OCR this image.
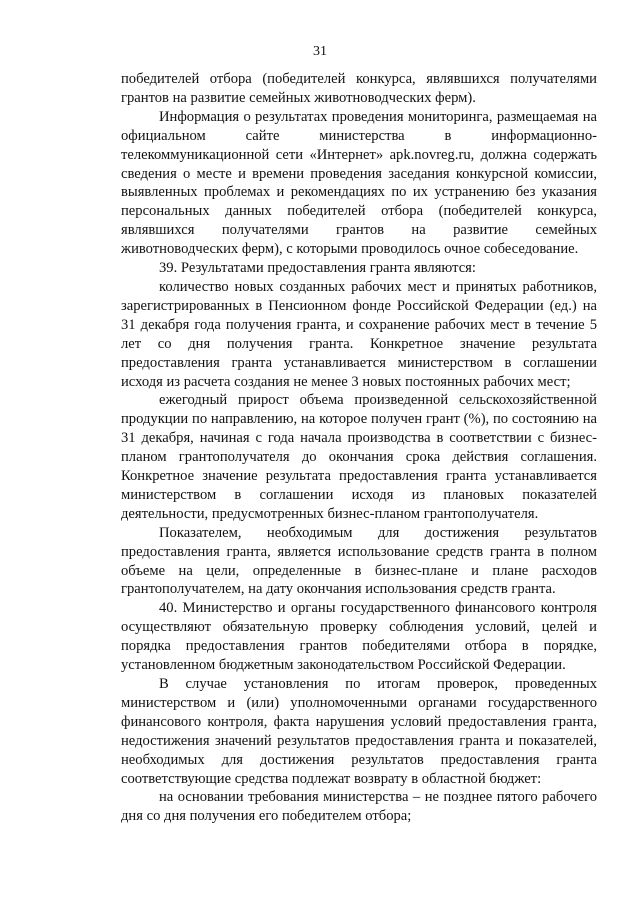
31

победителей отбора (победителей конкурса, являвшихся получателями грантов на развитие семейных животноводческих ферм).

Информация о результатах проведения мониторинга, размещаемая на официальном сайте министерства в информационно-телекоммуникационной сети «Интернет» apk.novreg.ru, должна содержать сведения о месте и времени проведения заседания конкурсной комиссии, выявленных проблемах и рекомендациях по их устранению без указания персональных данных победителей отбора (победителей конкурса, являвшихся получателями грантов на развитие семейных животноводческих ферм), с которыми проводилось очное собеседование.

39. Результатами предоставления гранта являются:

количество новых созданных рабочих мест и принятых работников, зарегистрированных в Пенсионном фонде Российской Федерации (ед.) на 31 декабря года получения гранта, и сохранение рабочих мест в течение 5 лет со дня получения гранта. Конкретное значение результата предоставления гранта устанавливается министерством в соглашении исходя из расчета создания не менее 3 новых постоянных рабочих мест;

ежегодный прирост объема произведенной сельскохозяйственной продукции по направлению, на которое получен грант (%), по состоянию на 31 декабря, начиная с года начала производства в соответствии с бизнес-планом грантополучателя до окончания срока действия соглашения. Конкретное значение результата предоставления гранта устанавливается министерством в соглашении исходя из плановых показателей деятельности, предусмотренных бизнес-планом грантополучателя.

Показателем, необходимым для достижения результатов предоставления гранта, является использование средств гранта в полном объеме на цели, определенные в бизнес-плане и плане расходов грантополучателем, на дату окончания использования средств гранта.

40. Министерство и органы государственного финансового контроля осуществляют обязательную проверку соблюдения условий, целей и порядка предоставления грантов победителями отбора в порядке, установленном бюджетным законодательством Российской Федерации.

В случае установления по итогам проверок, проведенных министерством и (или) уполномоченными органами государственного финансового контроля, факта нарушения условий предоставления гранта, недостижения значений результатов предоставления гранта и показателей, необходимых для достижения результатов предоставления гранта соответствующие средства подлежат возврату в областной бюджет:

на основании требования министерства – не позднее пятого рабочего дня со дня получения его победителем отбора;
